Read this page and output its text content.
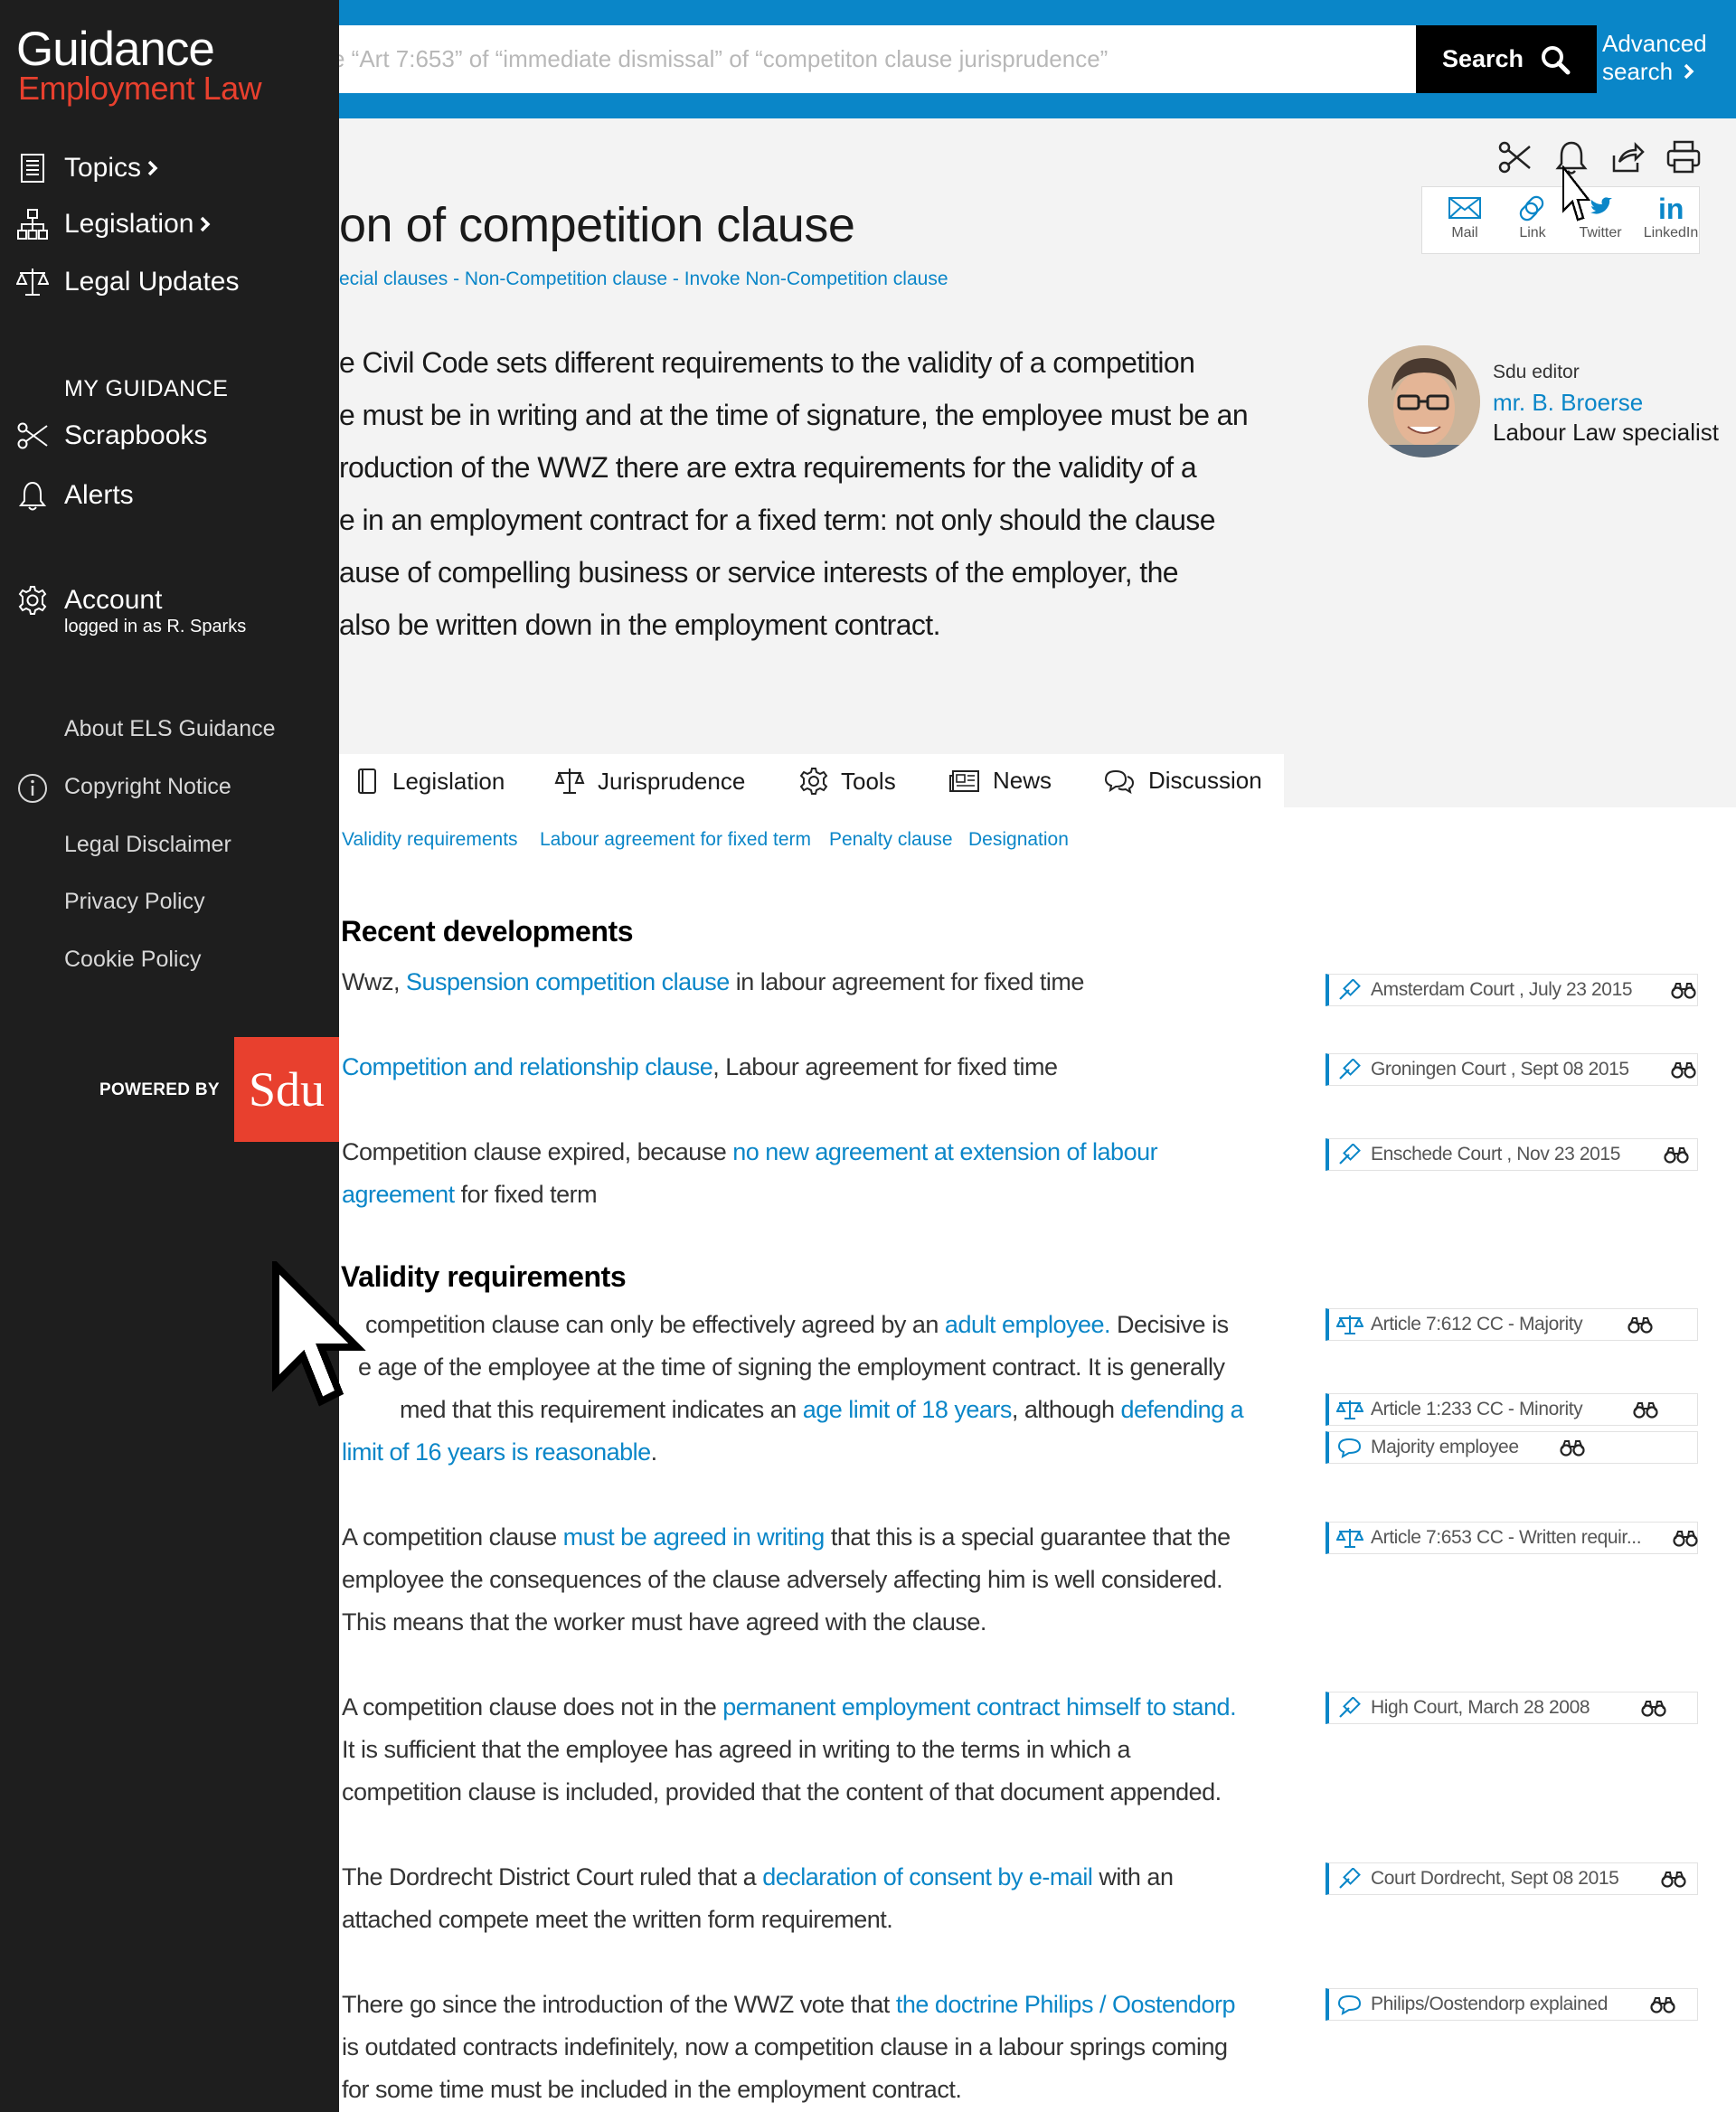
e “Art 7:653” of “immediate dismissal” of “competiton clause jurisprudence”
Search
Advanced
search
Mail	Link	Twitter
in
LinkedIn
on of competition clause
ecial clauses - Non-Competition clause - Invoke Non-Competition clause

e Civil Code sets different requirements to the validity of a competition

e must be in writing and at the time of signature, the employee must be an

roduction of the WWZ there are extra requirements for the validity of a

e in an employment contract for a fixed term: not only should the clause

ause of compelling business or service interests of the employer, the

also be written down in the employment contract.

Sdu editor
mr. B. Broerse
Labour Law specialist
Legislation	Jurisprudence	Tools	News	Discussion
Validity requirements Labour agreement for fixed term Penalty clause Designation
Recent developments

Wwz, Suspension competition clause in labour agreement for fixed time

Competition and relationship clause, Labour agreement for fixed time

Competition clause expired, because no new agreement at extension of labour

agreement for fixed term

Validity requirements

competition clause can only be effectively agreed by an adult employee. Decisive is

e age of the employee at the time of signing the employment contract. It is generally

med that this requirement indicates an age limit of 18 years, although defending a

limit of 16 years is reasonable.

A competition clause must be agreed in writing that this is a special guarantee that the

employee the consequences of the clause adversely affecting him is well considered.

This means that the worker must have agreed with the clause.

A competition clause does not in the permanent employment contract himself to stand.

It is sufficient that the employee has agreed in writing to the terms in which a

competition clause is included, provided that the content of that document appended.

The Dordrecht District Court ruled that a declaration of consent by e-mail with an

attached compete meet the written form requirement.

There go since the introduction of the WWZ vote that the doctrine Philips / Oostendorp

is outdated contracts indefinitely, now a competition clause in a labour springs coming

for some time must be included in the employment contract.

Amsterdam Court , July 23 2015
Groningen Court , Sept 08 2015
Enschede Court , Nov 23 2015
Article 7:612 CC - Majority
Article 1:233 CC - Minority
Majority employee
Article 7:653 CC - Written requir...
High Court, March 28 2008
Court Dordrecht, Sept 08 2015
Philips/Oostendorp explained
Guidance
Employment Law
Topics
Legislation
Legal Updates
MY GUIDANCE
Scrapbooks
Alerts
Account
logged in as R. Sparks
About ELS Guidance
Copyright Notice
Legal Disclaimer
Privacy Policy
Cookie Policy
POWERED BY Sdu
